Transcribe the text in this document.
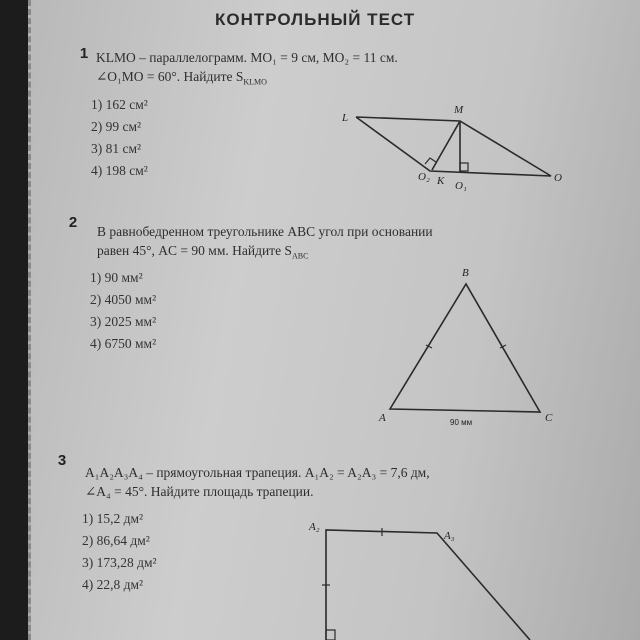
КОНТРОЛЬНЫЙ ТЕСТ
1 KLMO – параллелограмм. MO₁ = 9 см, MO₂ = 11 см.
∠O₁MO = 60°. Найдите $S_{KLMO}$
1) 162 см²
2) 99 см²
3) 81 см²
4) 198 см²
2
В равнобедренном треугольнике ABC угол при основании
равен 45°, AC = 90 мм. Найдите $S_{ABC}$
1) 90 мм²
2) 4050 мм²
3) 2025 мм²
4) 6750 мм²
3
A₁A₂A₃A₄ – прямоугольная трапеция. A₁A₂ = A₂A₃ = 7,6 дм,
∠A₄ = 45°. Найдите площадь трапеции.
1) 15,2 дм²
2) 86,64 дм²
3) 173,28 дм²
4) 22,8 дм²
L
M
O
K
O₂
O₁
B
A	C
90 мм
A₂
A₃
